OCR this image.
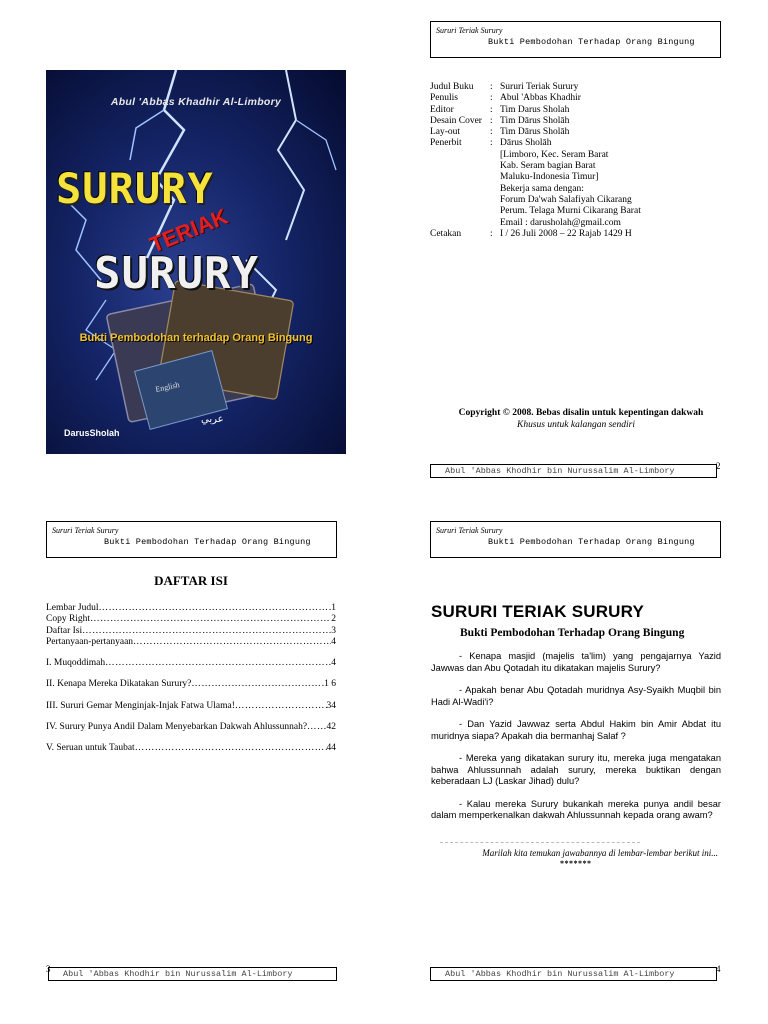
English
عربي
Abul 'Abbas Khadhir Al-Limbory
SURURY
TERIAK
SURURY
Bukti Pembodohan terhadap Orang Bingung
DarusSholah
Sururi Teriak Surury
Bukti Pembodohan Terhadap Orang Bingung
Judul Buku	: Sururi Teriak Surury
Penulis	: Abul 'Abbas Khadhir
Editor	: Tim Darus Sholah
Desain Cover : Tim Dārus Sholāh
Lay-out	: Tim Dārus Sholāh
Penerbit	: Dārus Sholāh
[Limboro, Kec. Seram Barat
Kab. Seram bagian Barat
Maluku-Indonesia Timur]
Bekerja sama dengan:
Forum Da'wah Salafiyah Cikarang
Perum. Telaga Murni Cikarang Barat
Email : darusholah@gmail.com
Cetakan	: I / 26 Juli 2008 – 22 Rajab 1429 H
Copyright © 2008. Bebas disalin untuk kepentingan dakwah
Khusus untuk kalangan sendiri
Abul 'Abbas Khodhir bin Nurussalim Al-Limbory	2
Sururi Teriak Surury
Bukti Pembodohan Terhadap Orang Bingung
DAFTAR ISI
Lembar Judul ……………………………………………………………………………………………………………………………………………	1
Copy Right ……………………………………………………………………………………………………………………………………………	2
Daftar Isi ……………………………………………………………………………………………………………………………………………	3
Pertanyaan-pertanyaan ……………………………………………………………………………………………………………………………………………	4
I. Muqoddimah ……………………………………………………………………………………………………………………………………………	4
II. Kenapa Mereka Dikatakan Surury? ……………………………………………………………………………………………………………………………………………	1 6
III. Sururi Gemar Menginjak-Injak Fatwa Ulama! ……………………………………………………………………………………………………………………………………………	34
IV. Surury Punya Andil Dalam Menyebarkan Dakwah Ahlussunnah? …………………………………………………………………………………………………………………………………………… 42
V. Seruan untuk Taubat ……………………………………………………………………………………………………………………………………………	44
Abul 'Abbas Khodhir bin Nurussalim Al-Limbory
3
Sururi Teriak Surury
Bukti Pembodohan Terhadap Orang Bingung
SURURI TERIAK SURURY
Bukti Pembodohan Terhadap Orang Bingung

- Kenapa masjid (majelis ta'lim) yang pengajarnya Yazid Jawwas dan Abu Qotadah itu dikatakan majelis Surury?

- Apakah benar Abu Qotadah muridnya Asy-Syaikh Muqbil bin Hadi Al-Wadi'i?

- Dan Yazid Jawwaz serta Abdul Hakim bin Amir Abdat itu muridnya siapa? Apakah dia bermanhaj Salaf ?

- Mereka yang dikatakan surury itu, mereka juga mengatakan bahwa Ahlussunnah adalah surury, mereka buktikan dengan keberadaan LJ (Laskar Jihad) dulu?

- Kalau mereka Surury bukankah mereka punya andil besar dalam memperkenalkan dakwah Ahlussunnah kepada orang awam?

Marilah kita temukan jawabannya di lembar-lembar berikut ini...
*******
Abul 'Abbas Khodhir bin Nurussalim Al-Limbory	4
